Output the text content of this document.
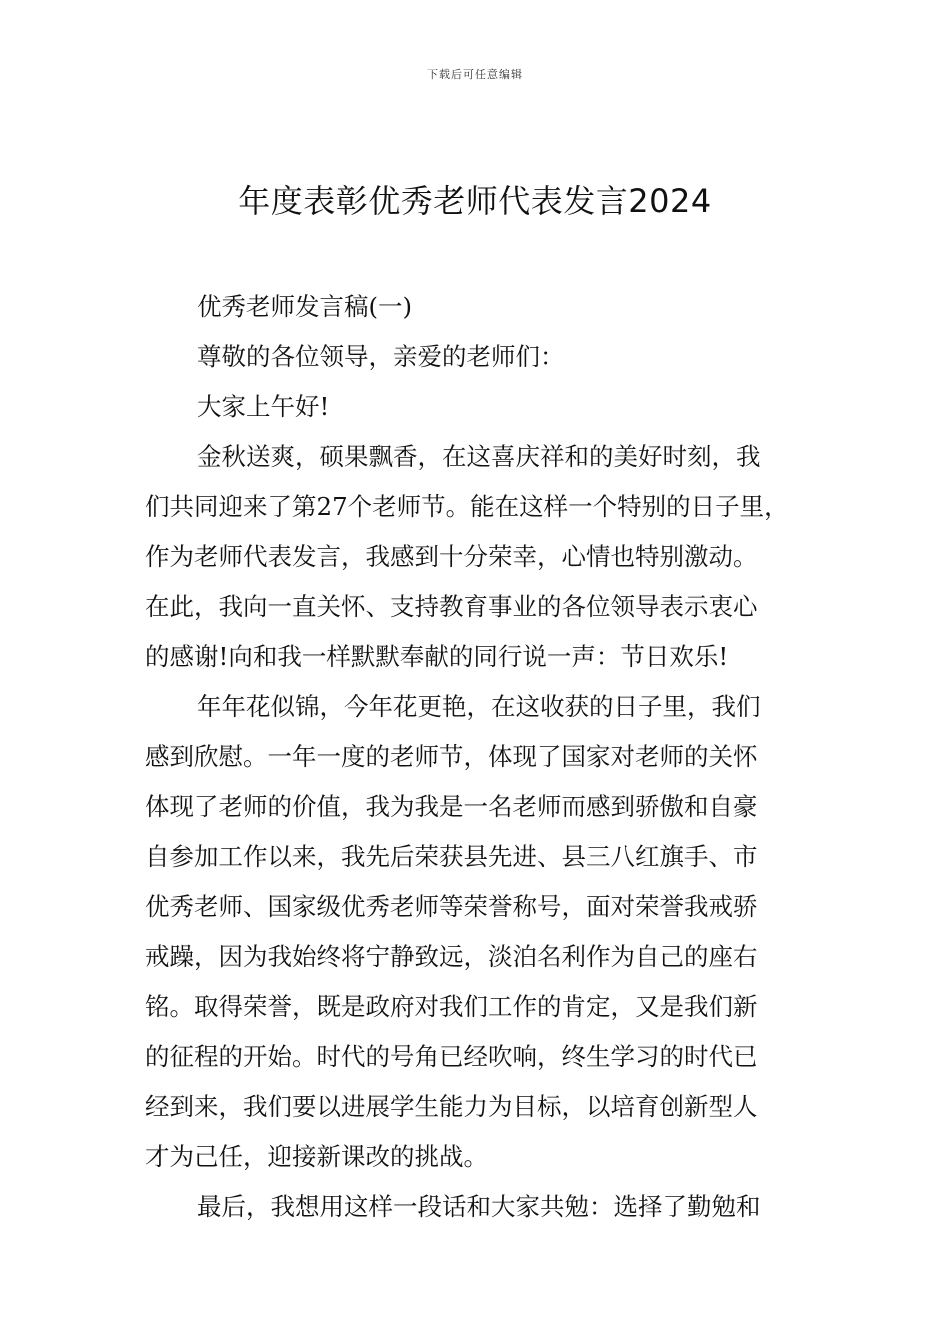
下载后可任意编辑
年度表彰优秀老师代表发言2024
优秀老师发言稿(一)
尊敬的各位领导，亲爱的老师们：
大家上午好!
金秋送爽，硕果飘香，在这喜庆祥和的美好时刻，我
们共同迎来了第27个老师节。能在这样一个特别的日子里，
作为老师代表发言，我感到十分荣幸，心情也特别激动。
在此，我向一直关怀、支持教育事业的各位领导表示衷心
的感谢!向和我一样默默奉献的同行说一声：节日欢乐!
年年花似锦，今年花更艳，在这收获的日子里，我们
感到欣慰。一年一度的老师节，体现了国家对老师的关怀
体现了老师的价值，我为我是一名老师而感到骄傲和自豪
自参加工作以来，我先后荣获县先进、县三八红旗手、市
优秀老师、国家级优秀老师等荣誉称号，面对荣誉我戒骄
戒躁，因为我始终将宁静致远，淡泊名利作为自己的座右
铭。取得荣誉，既是政府对我们工作的肯定，又是我们新
的征程的开始。时代的号角已经吹响，终生学习的时代已
经到来，我们要以进展学生能力为目标，以培育创新型人
才为己任，迎接新课改的挑战。
最后，我想用这样一段话和大家共勉：选择了勤勉和
